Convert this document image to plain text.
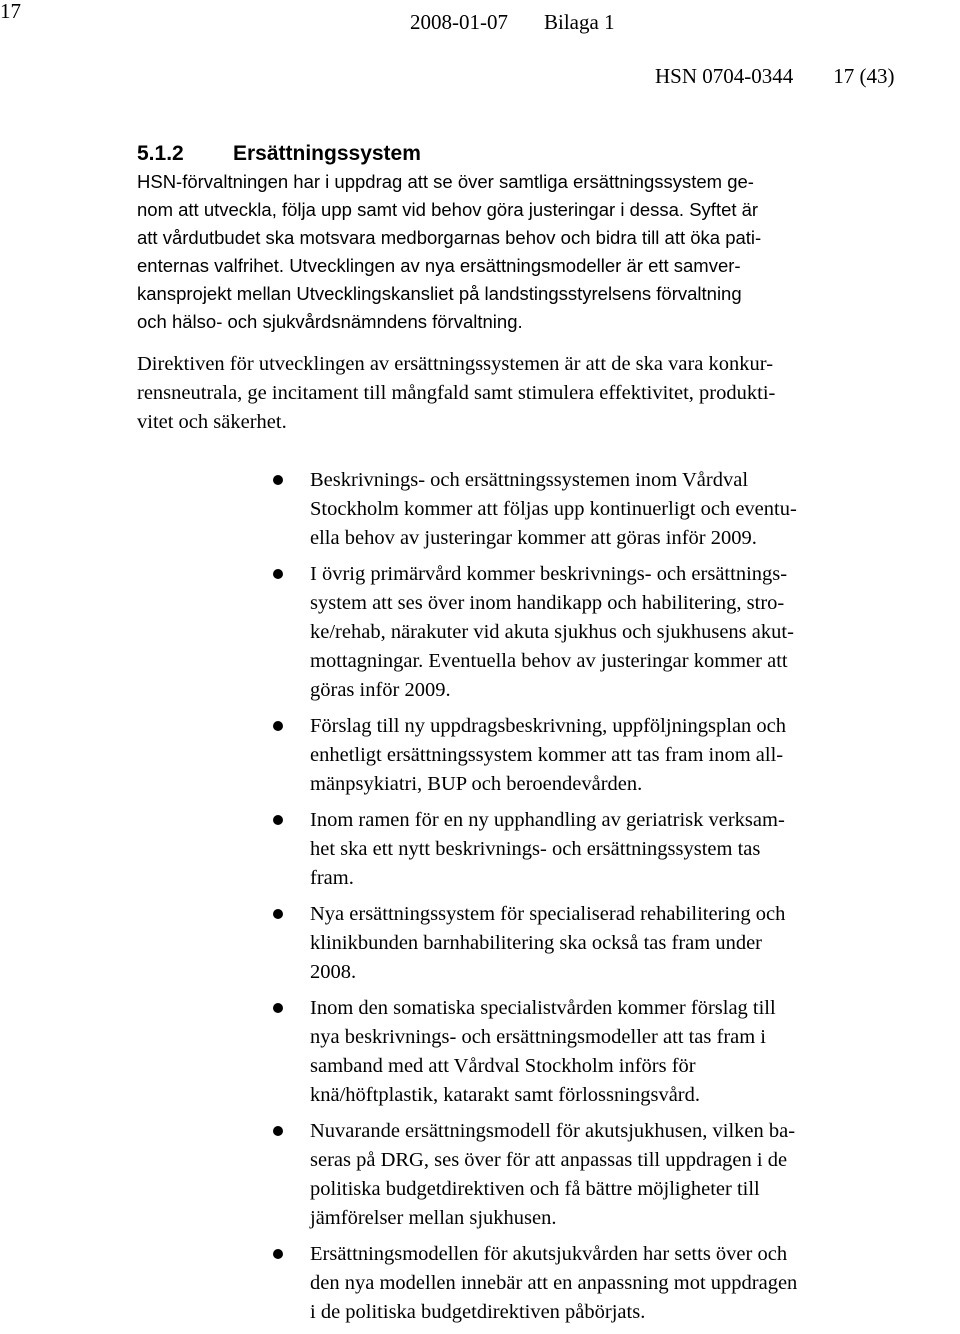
17	2008-01-07 Bilaga 1
HSN 0704-0344 17 (43)
5.1.2 Ersättningssystem

HSN-förvaltningen har i uppdrag att se över samtliga ersättningssystem ge-
nom att utveckla, följa upp samt vid behov göra justeringar i dessa. Syftet är
att vårdutbudet ska motsvara medborgarnas behov och bidra till att öka pati-
enternas valfrihet. Utvecklingen av nya ersättningsmodeller är ett samver-
kansprojekt mellan Utvecklingskansliet på landstingsstyrelsens förvaltning
och hälso- och sjukvårdsnämndens förvaltning.

Direktiven för utvecklingen av ersättningssystemen är att de ska vara konkur-
rensneutrala, ge incitament till mångfald samt stimulera effektivitet, produkti-
vitet och säkerhet.

Beskrivnings- och ersättningssystemen inom Vårdval
Stockholm kommer att följas upp kontinuerligt och eventu-
ella behov av justeringar kommer att göras inför 2009.
I övrig primärvård kommer beskrivnings- och ersättnings-
system att ses över inom handikapp och habilitering, stro-
ke/rehab, närakuter vid akuta sjukhus och sjukhusens akut-
mottagningar. Eventuella behov av justeringar kommer att
göras inför 2009.
Förslag till ny uppdragsbeskrivning, uppföljningsplan och
enhetligt ersättningssystem kommer att tas fram inom all-
mänpsykiatri, BUP och beroendevården.
Inom ramen för en ny upphandling av geriatrisk verksam-
het ska ett nytt beskrivnings- och ersättningssystem tas
fram.
Nya ersättningssystem för specialiserad rehabilitering och
klinikbunden barnhabilitering ska också tas fram under
2008.
Inom den somatiska specialistvården kommer förslag till
nya beskrivnings- och ersättningsmodeller att tas fram i
samband med att Vårdval Stockholm införs för
knä/höftplastik, katarakt samt förlossningsvård.
Nuvarande ersättningsmodell för akutsjukhusen, vilken ba-
seras på DRG, ses över för att anpassas till uppdragen i de
politiska budgetdirektiven och få bättre möjligheter till
jämförelser mellan sjukhusen.
Ersättningsmodellen för akutsjukvården har setts över och
den nya modellen innebär att en anpassning mot uppdragen
i de politiska budgetdirektiven påbörjats.
